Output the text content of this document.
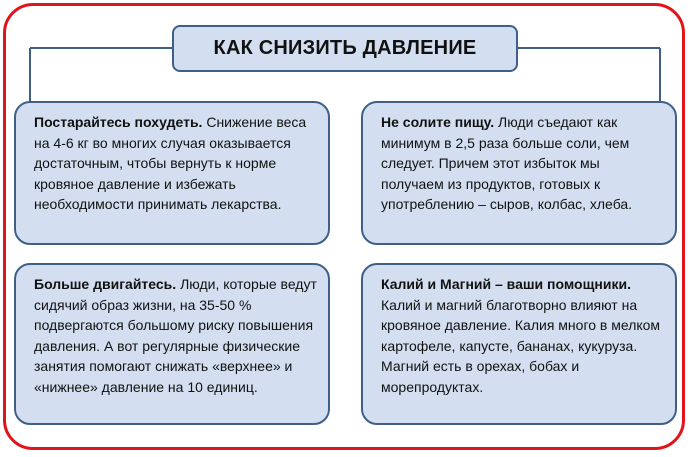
КАК СНИЗИТЬ ДАВЛЕНИЕ

Постарайтесь похудеть. Снижение веса на 4-6 кг во многих случая оказывается достаточным, чтобы вернуть к норме кровяное давление и избежать необходимости принимать лекарства.

Не солите пищу. Люди съедают как минимум в 2,5 раза больше соли, чем следует. Причем этот избыток мы получаем из продуктов, готовых к употреблению – сыров, колбас, хлеба.

Больше двигайтесь. Люди, которые ведут сидячий образ жизни, на 35-50 % подвергаются большому риску повышения давления. А вот регулярные физические занятия помогают снижать «верхнее» и «нижнее» давление на 10 единиц.

Калий и Магний – ваши помощники. Калий и магний благотворно влияют на кровяное давление. Калия много в мелком картофеле, капусте, бананах, кукуруза. Магний есть в орехах, бобах и морепродуктах.
